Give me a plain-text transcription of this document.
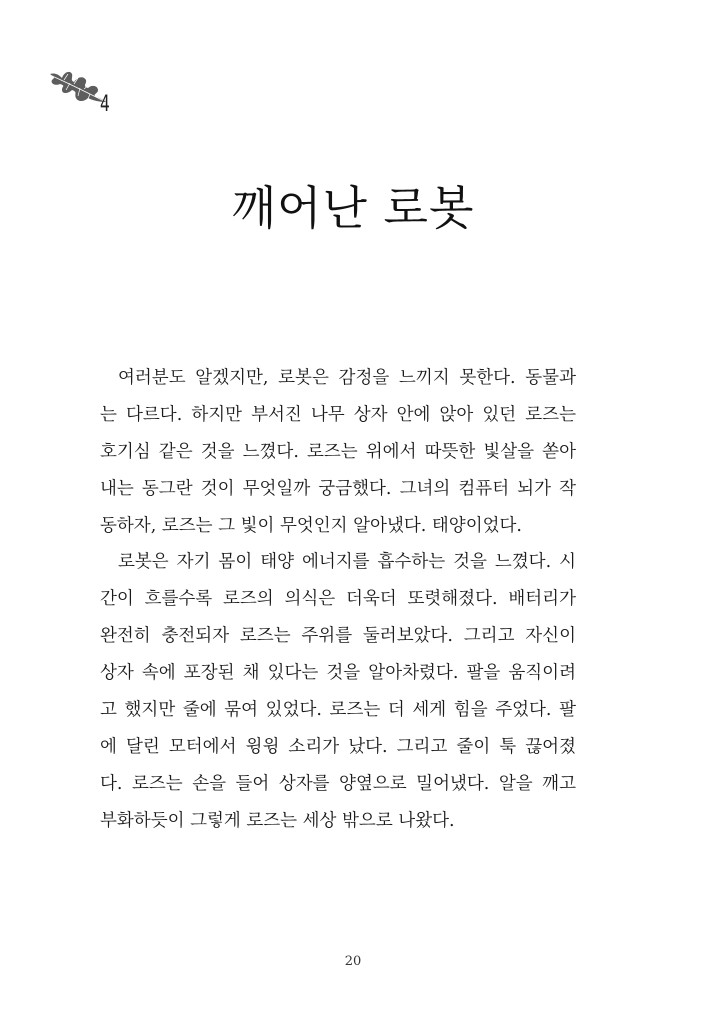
4
깨어난 로봇
여러분도 알겠지만, 로봇은 감정을 느끼지 못한다. 동물과
는 다르다. 하지만 부서진 나무 상자 안에 앉아 있던 로즈는
호기심 같은 것을 느꼈다. 로즈는 위에서 따뜻한 빛살을 쏟아
내는 동그란 것이 무엇일까 궁금했다. 그녀의 컴퓨터 뇌가 작
동하자, 로즈는 그 빛이 무엇인지 알아냈다. 태양이었다.
로봇은 자기 몸이 태양 에너지를 흡수하는 것을 느꼈다. 시
간이 흐를수록 로즈의 의식은 더욱더 또렷해졌다. 배터리가
완전히 충전되자 로즈는 주위를 둘러보았다. 그리고 자신이
상자 속에 포장된 채 있다는 것을 알아차렸다. 팔을 움직이려
고 했지만 줄에 묶여 있었다. 로즈는 더 세게 힘을 주었다. 팔
에 달린 모터에서 윙윙 소리가 났다. 그리고 줄이 툭 끊어졌
다. 로즈는 손을 들어 상자를 양옆으로 밀어냈다. 알을 깨고
부화하듯이 그렇게 로즈는 세상 밖으로 나왔다.
20
